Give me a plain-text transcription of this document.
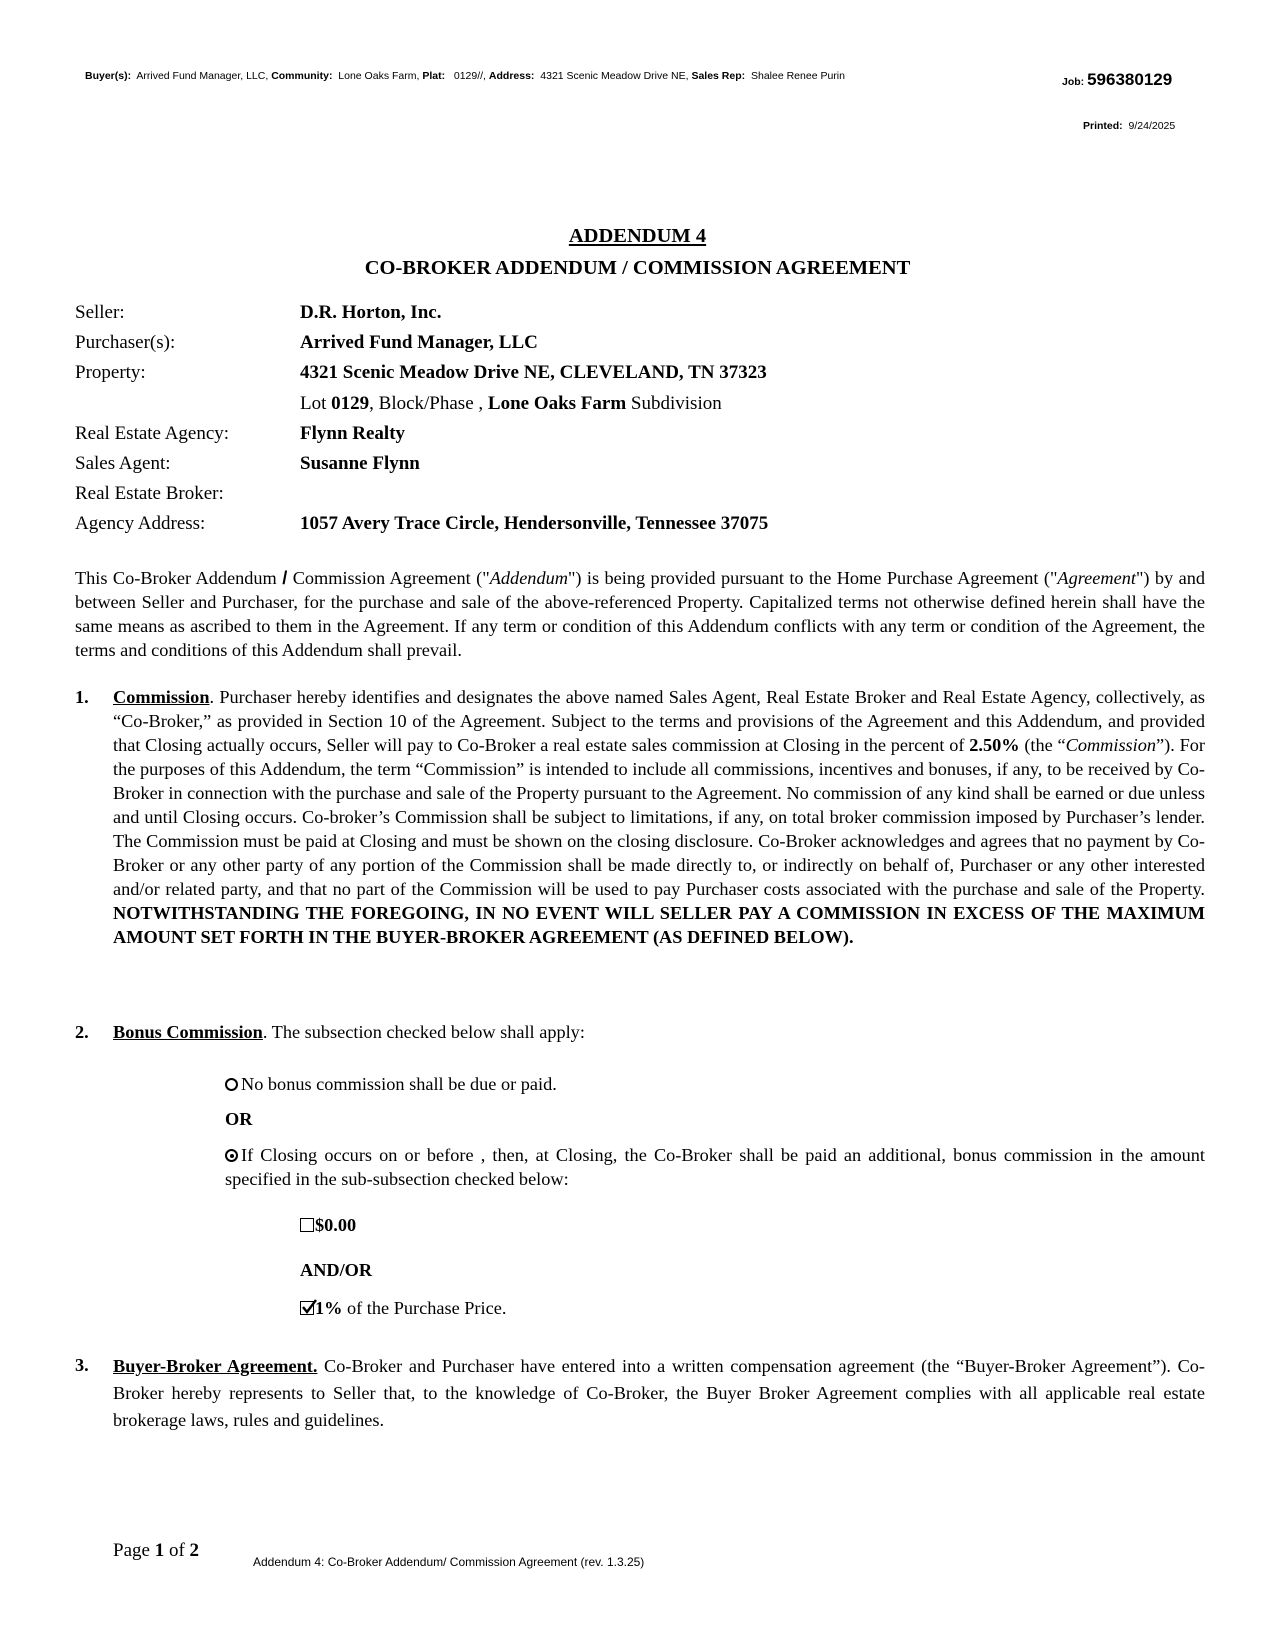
Buyer(s): Arrived Fund Manager, LLC, Community: Lone Oaks Farm, Plat: 0129//, Address: 4321 Scenic Meadow Drive NE, Sales Rep: Shalee Renee Purin	Job: 596380129
Printed: 9/24/2025
ADDENDUM 4
CO-BROKER ADDENDUM / COMMISSION AGREEMENT
Seller:	D.R. Horton, Inc.
Purchaser(s):	Arrived Fund Manager, LLC
Property:	4321 Scenic Meadow Drive NE, CLEVELAND, TN 37323
Lot 0129, Block/Phase , Lone Oaks Farm Subdivision
Real Estate Agency:	Flynn Realty
Sales Agent:	Susanne Flynn
Real Estate Broker:
Agency Address:	1057 Avery Trace Circle, Hendersonville, Tennessee 37075
This Co-Broker Addendum / Commission Agreement ("Addendum") is being provided pursuant to the Home Purchase Agreement ("Agreement") by and between Seller and Purchaser, for the purchase and sale of the above-referenced Property. Capitalized terms not otherwise defined herein shall have the same means as ascribed to them in the Agreement. If any term or condition of this Addendum conflicts with any term or condition of the Agreement, the terms and conditions of this Addendum shall prevail.
1. Commission. Purchaser hereby identifies and designates the above named Sales Agent, Real Estate Broker and Real Estate Agency, collectively, as “Co-Broker,” as provided in Section 10 of the Agreement. Subject to the terms and provisions of the Agreement and this Addendum, and provided that Closing actually occurs, Seller will pay to Co-Broker a real estate sales commission at Closing in the percent of 2.50% (the “Commission”). For the purposes of this Addendum, the term “Commission” is intended to include all commissions, incentives and bonuses, if any, to be received by Co-Broker in connection with the purchase and sale of the Property pursuant to the Agreement. No commission of any kind shall be earned or due unless and until Closing occurs. Co-broker’s Commission shall be subject to limitations, if any, on total broker commission imposed by Purchaser’s lender. The Commission must be paid at Closing and must be shown on the closing disclosure. Co-Broker acknowledges and agrees that no payment by Co-Broker or any other party of any portion of the Commission shall be made directly to, or indirectly on behalf of, Purchaser or any other interested and/or related party, and that no part of the Commission will be used to pay Purchaser costs associated with the purchase and sale of the Property. NOTWITHSTANDING THE FOREGOING, IN NO EVENT WILL SELLER PAY A COMMISSION IN EXCESS OF THE MAXIMUM AMOUNT SET FORTH IN THE BUYER-BROKER AGREEMENT (AS DEFINED BELOW).
2. Bonus Commission. The subsection checked below shall apply:
No bonus commission shall be due or paid.
OR
If Closing occurs on or before , then, at Closing, the Co-Broker shall be paid an additional, bonus commission in the amount specified in the sub-subsection checked below:
$0.00
AND/OR
1% of the Purchase Price.
3. Buyer-Broker Agreement. Co-Broker and Purchaser have entered into a written compensation agreement (the “Buyer-Broker Agreement”). Co-Broker hereby represents to Seller that, to the knowledge of Co-Broker, the Buyer Broker Agreement complies with all applicable real estate brokerage laws, rules and guidelines.
Page 1 of 2
Addendum 4: Co-Broker Addendum/ Commission Agreement (rev. 1.3.25)
